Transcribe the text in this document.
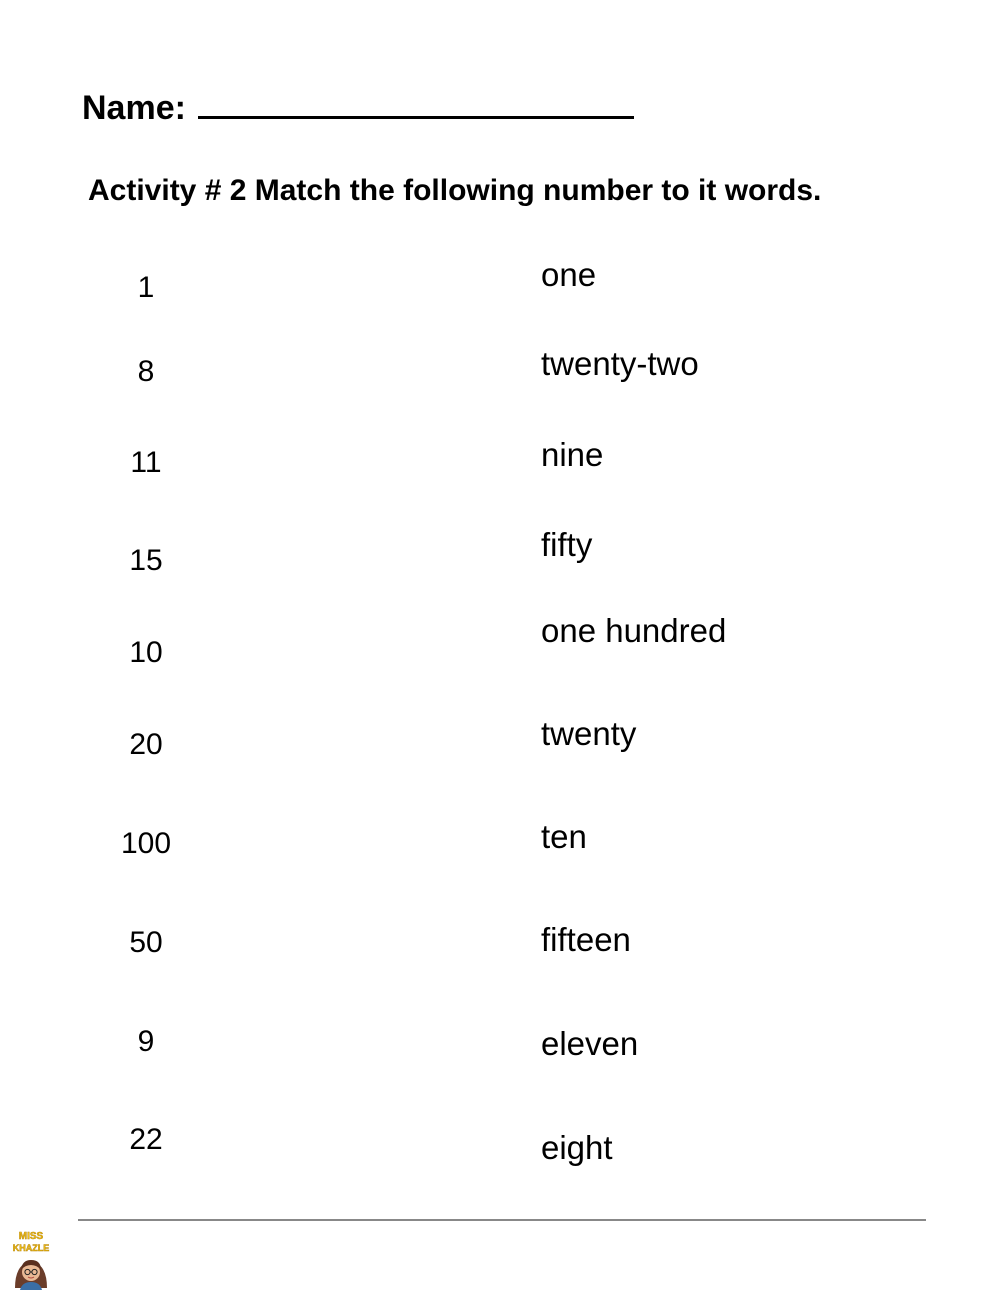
Name:
Activity # 2 Match the following number to it words.
1
8
11
15
10
20
100
50
9
22
one
twenty-two
nine
fifty
one hundred
twenty
ten
fifteen
eleven
eight
MISS
KHAZLE
